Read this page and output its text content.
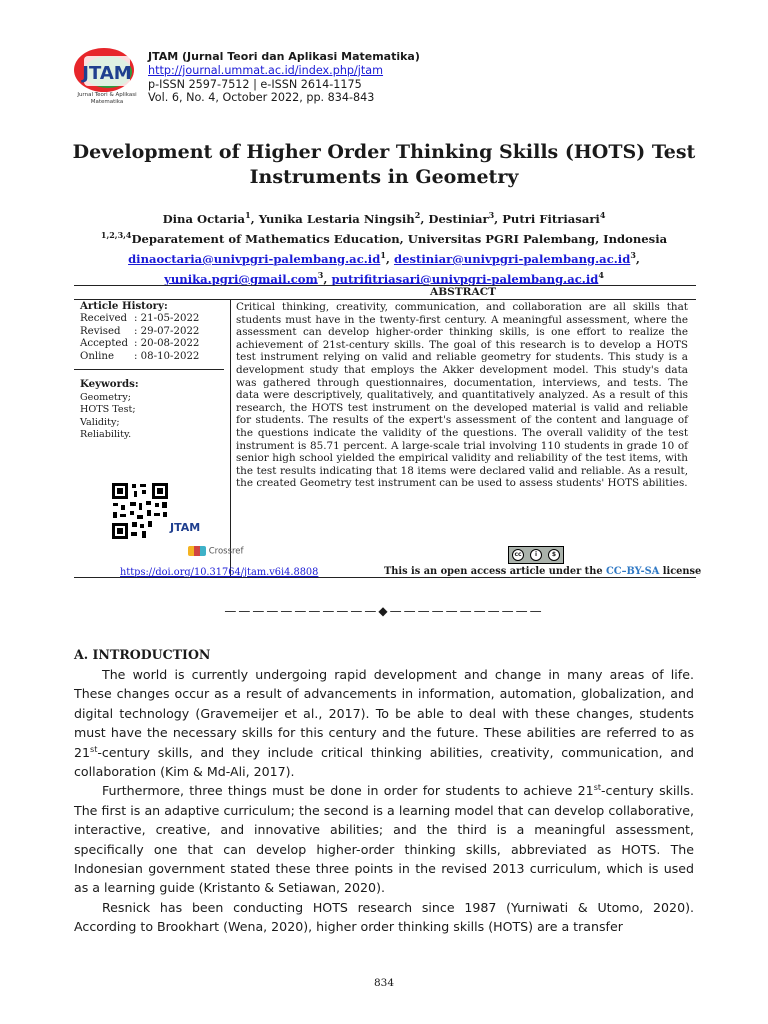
JTAM
Jurnal Teori & Aplikasi
Matematika
JTAM (Jurnal Teori dan Aplikasi Matematika)
http://journal.ummat.ac.id/index.php/jtam
p-ISSN 2597-7512 | e-ISSN 2614-1175
Vol. 6, No. 4, October 2022, pp. 834-843
Development of Higher Order Thinking Skills (HOTS) Test
Instruments in Geometry
Dina Octaria$^1$, Yunika Lestaria Ningsih$^2$, Destiniar$^3$, Putri Fitriasari$^4$
$^{1,2,3,4}$Deparatement of Mathematics Education, Universitas PGRI Palembang, Indonesia
$dinaoctaria@univpgri-palembang.ac.id^1$, $destiniar@univpgri-palembang.ac.id^3$,
yunika.pgri@gmail.com$^3$, $putrifitriasari@univpgri-palembang.ac.id^4$
Article History:
Received : 21-05-2022
Revised : 29-07-2022
Accepted : 20-08-2022
Online : 08-10-2022
Keywords:
Geometry;
HOTS Test;
Validity;
Reliability.
JTAM
ABSTRACT
Critical thinking, creativity, communication, and collaboration are all skills that students must have in the twenty-first century. A meaningful assessment, where the assessment can develop higher-order thinking skills, is one effort to realize the achievement of 21st-century skills. The goal of this research is to develop a HOTS test instrument relying on valid and reliable geometry for students. This study is a development study that employs the Akker development model. This study's data was gathered through questionnaires, documentation, interviews, and tests. The data were descriptively, qualitatively, and quantitatively analyzed. As a result of this research, the HOTS test instrument on the developed material is valid and reliable for students. The results of the expert's assessment of the content and language of the questions indicate the validity of the questions. The overall validity of the test instrument is 85.71 percent. A large-scale trial involving 110 students in grade 10 of senior high school yielded the empirical validity and reliability of the test items, with the test results indicating that 18 items were declared valid and reliable. As a result, the created Geometry test instrument can be used to assess students' HOTS abilities.
Crossref	cc	i	$
https://doi.org/10.31764/jtam.v6i4.8808	This is an open access article under the CC–BY-SA license
———————————◆———————————
A. INTRODUCTION

The world is currently undergoing rapid development and change in many areas of life. These changes occur as a result of advancements in information, automation, globalization, and digital technology (Gravemeijer et al., 2017). To be able to deal with these changes, students must have the necessary skills for this century and the future. These abilities are referred to as 21st-century skills, and they include critical thinking abilities, creativity, communication, and collaboration (Kim & Md-Ali, 2017).

Furthermore, three things must be done in order for students to achieve 21st-century skills. The first is an adaptive curriculum; the second is a learning model that can develop collaborative, interactive, creative, and innovative abilities; and the third is a meaningful assessment, specifically one that can develop higher-order thinking skills, abbreviated as HOTS. The Indonesian government stated these three points in the revised 2013 curriculum, which is used as a learning guide (Kristanto & Setiawan, 2020).

Resnick has been conducting HOTS research since 1987 (Yurniwati & Utomo, 2020). According to Brookhart (Wena, 2020), higher order thinking skills (HOTS) are a transfer

834
